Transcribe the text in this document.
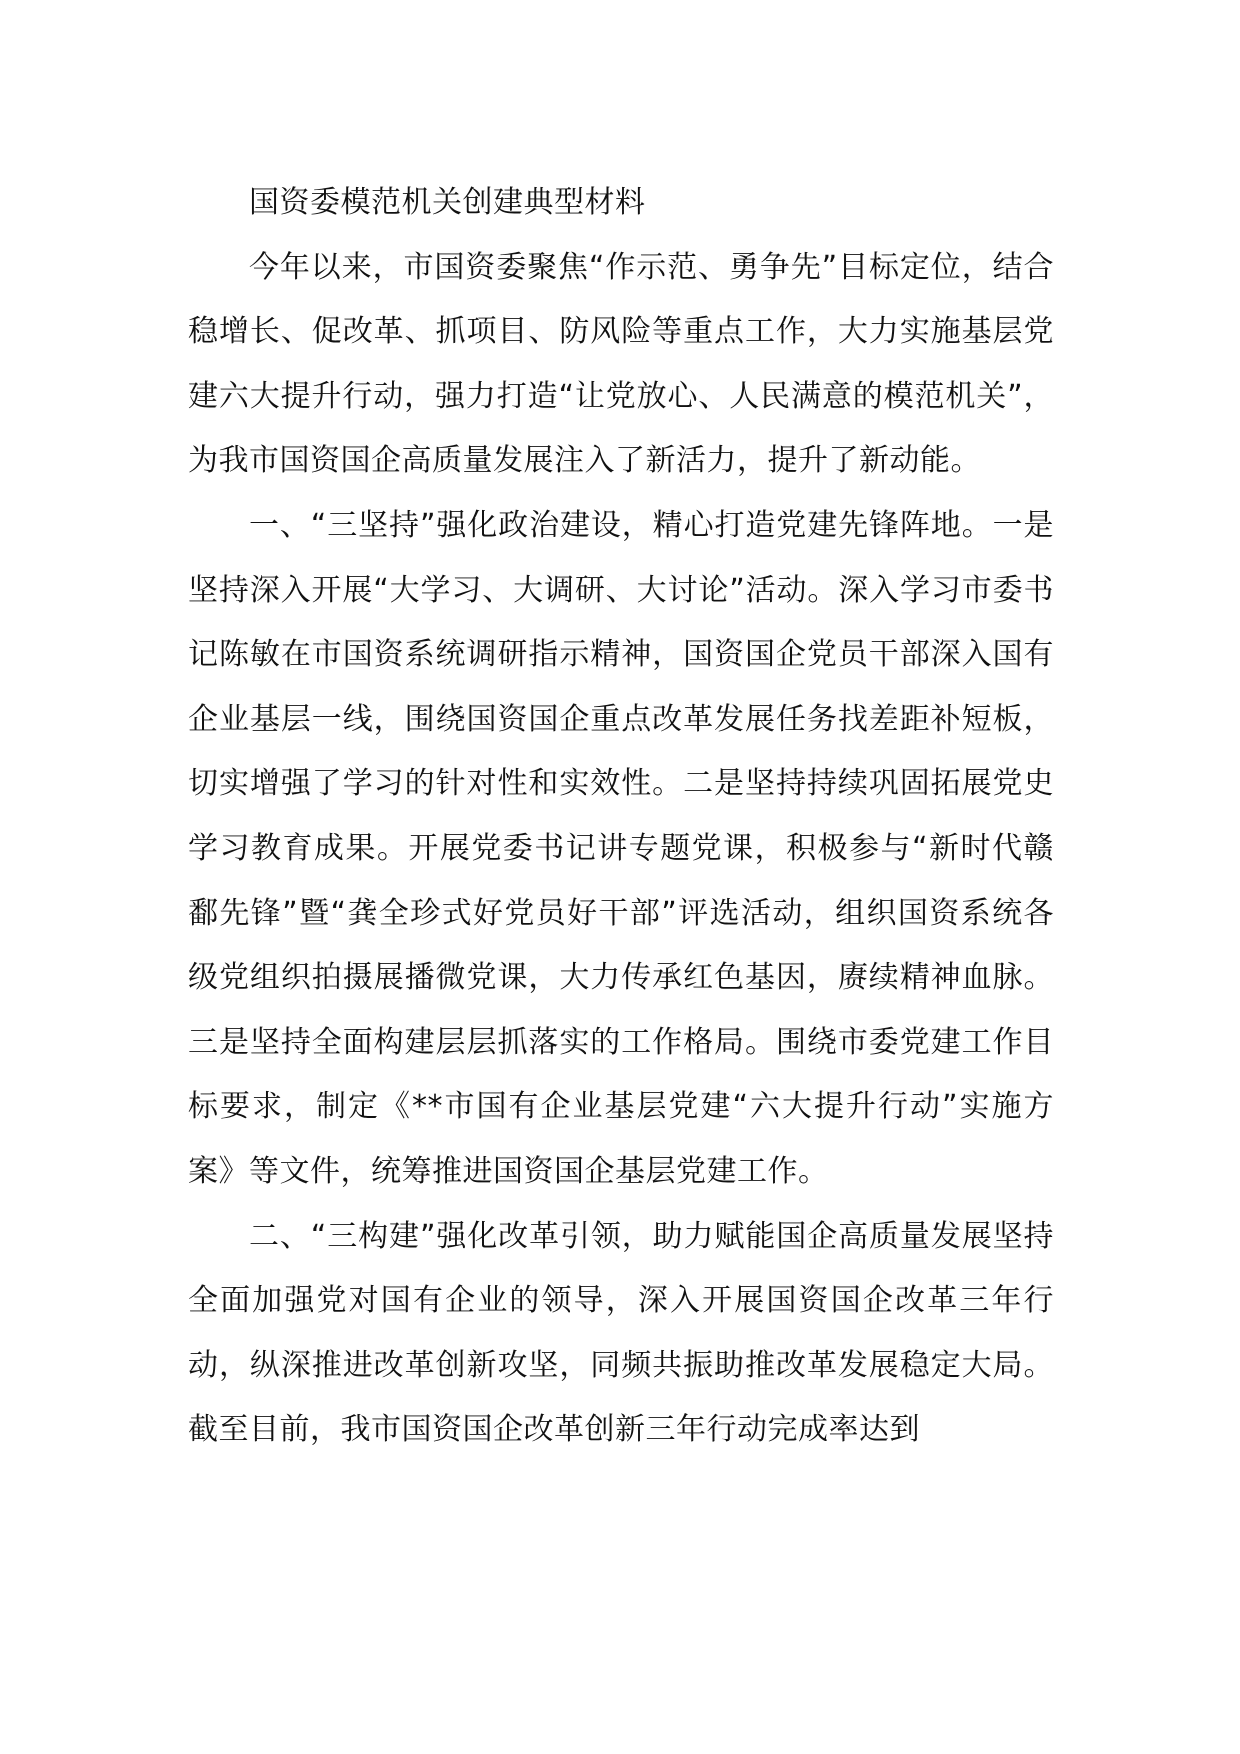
国资委模范机关创建典型材料

今年以来，市国资委聚焦“作示范、勇争先”目标定位，结合稳增长、促改革、抓项目、防风险等重点工作，大力实施基层党建六大提升行动，强力打造“让党放心、人民满意的模范机关”，为我市国资国企高质量发展注入了新活力，提升了新动能。

一、“三坚持”强化政治建设，精心打造党建先锋阵地。一是坚持深入开展“大学习、大调研、大讨论”活动。深入学习市委书记陈敏在市国资系统调研指示精神，国资国企党员干部深入国有企业基层一线，围绕国资国企重点改革发展任务找差距补短板，切实增强了学习的针对性和实效性。二是坚持持续巩固拓展党史学习教育成果。开展党委书记讲专题党课，积极参与“新时代赣鄱先锋”暨“龚全珍式好党员好干部”评选活动，组织国资系统各级党组织拍摄展播微党课，大力传承红色基因，赓续精神血脉。三是坚持全面构建层层抓落实的工作格局。围绕市委党建工作目标要求，制定《**市国有企业基层党建“六大提升行动”实施方案》等文件，统筹推进国资国企基层党建工作。

二、“三构建”强化改革引领，助力赋能国企高质量发展坚持全面加强党对国有企业的领导，深入开展国资国企改革三年行动，纵深推进改革创新攻坚，同频共振助推改革发展稳定大局。截至目前，我市国资国企改革创新三年行动完成率达到
